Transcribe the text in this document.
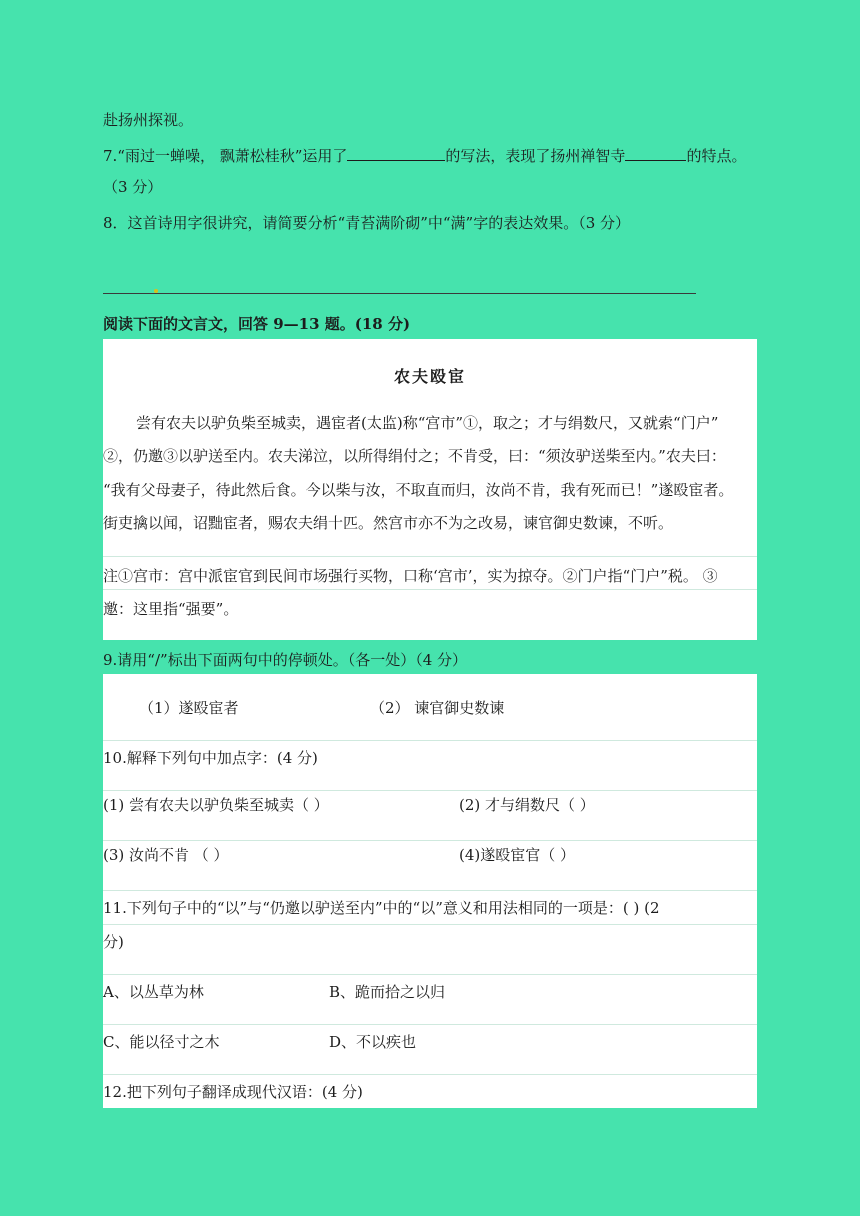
赴扬州探视。
7.“雨过一蝉噪， 飘萧松桂秋”运用了	的写法，表现了扬州禅智寺	的特点。
（3 分）
8．这首诗用字很讲究，请简要分析“青苔满阶砌”中“满”字的表达效果。（3 分）
阅读下面的文言文，回答 9—13 题。(18 分)
农夫殴宦
尝有农夫以驴负柴至城卖，遇宦者(太监)称“宫市”①，取之；才与绢数尺，又就索“门户”
②，仍邀③以驴送至内。农夫涕泣，以所得绢付之；不肯受，曰：“须汝驴送柴至内。”农夫曰：
“我有父母妻子，待此然后食。今以柴与汝，不取直而归，汝尚不肯，我有死而已！”遂殴宦者。
街吏擒以闻，诏黜宦者，赐农夫绢十匹。然宫市亦不为之改易，谏官御史数谏，不听。
注①宫市：宫中派宦官到民间市场强行买物，口称‘宫市’，实为掠夺。②门户指“门户”税。 ③
邀：这里指“强要”。
9.请用“/”标出下面两句中的停顿处。（各一处）（4 分）
（1）遂殴宦者	（2） 谏官御史数谏
10.解释下列句中加点字：(4 分)
(1) 尝有农夫以驴负柴至城卖（ ）	(2) 才与绢数尺（ ）
(3) 汝尚不肯 （ ）	(4)遂殴宦官（ ）
11.下列句子中的“以”与“仍邀以驴送至内”中的“以”意义和用法相同的一项是：( ) (2
分)
A、以丛草为林	B、跪而拾之以归
C、能以径寸之木	D、不以疾也
12.把下列句子翻译成现代汉语：(4 分)
